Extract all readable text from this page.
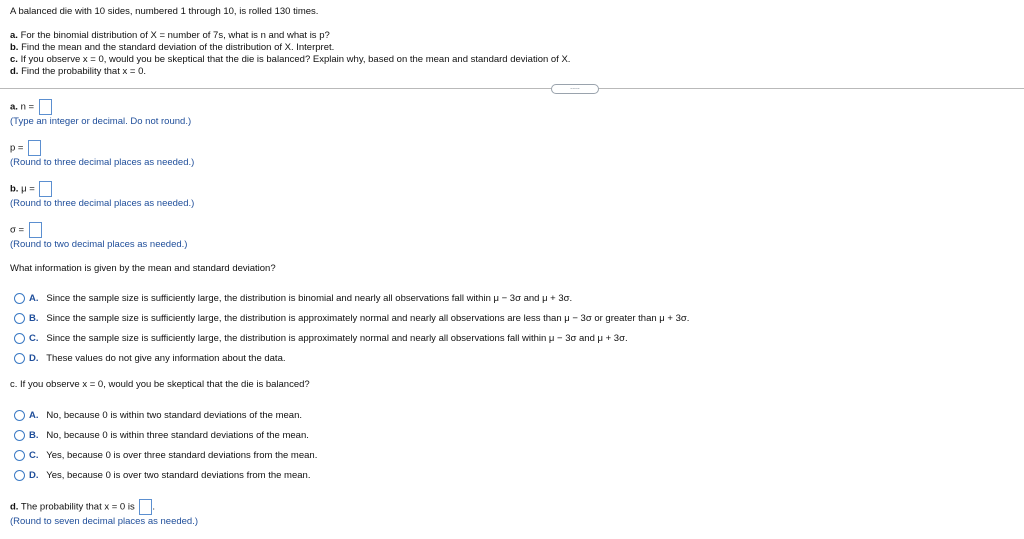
A balanced die with 10 sides, numbered 1 through 10, is rolled 130 times.
a. For the binomial distribution of X = number of 7s, what is n and what is p?
b. Find the mean and the standard deviation of the distribution of X. Interpret.
c. If you observe x = 0, would you be skeptical that the die is balanced? Explain why, based on the mean and standard deviation of X.
d. Find the probability that x = 0.
.....
a. n =
(Type an integer or decimal. Do not round.)
p =
(Round to three decimal places as needed.)
b. μ =
(Round to three decimal places as needed.)
σ =
(Round to two decimal places as needed.)
What information is given by the mean and standard deviation?
A. Since the sample size is sufficiently large, the distribution is binomial and nearly all observations fall within μ − 3σ and μ + 3σ.
B. Since the sample size is sufficiently large, the distribution is approximately normal and nearly all observations are less than μ − 3σ or greater than μ + 3σ.
C. Since the sample size is sufficiently large, the distribution is approximately normal and nearly all observations fall within μ − 3σ and μ + 3σ.
D. These values do not give any information about the data.
c. If you observe x = 0, would you be skeptical that the die is balanced?
A. No, because 0 is within two standard deviations of the mean.
B. No, because 0 is within three standard deviations of the mean.
C. Yes, because 0 is over three standard deviations from the mean.
D. Yes, because 0 is over two standard deviations from the mean.
d. The probability that x = 0 is .
(Round to seven decimal places as needed.)
